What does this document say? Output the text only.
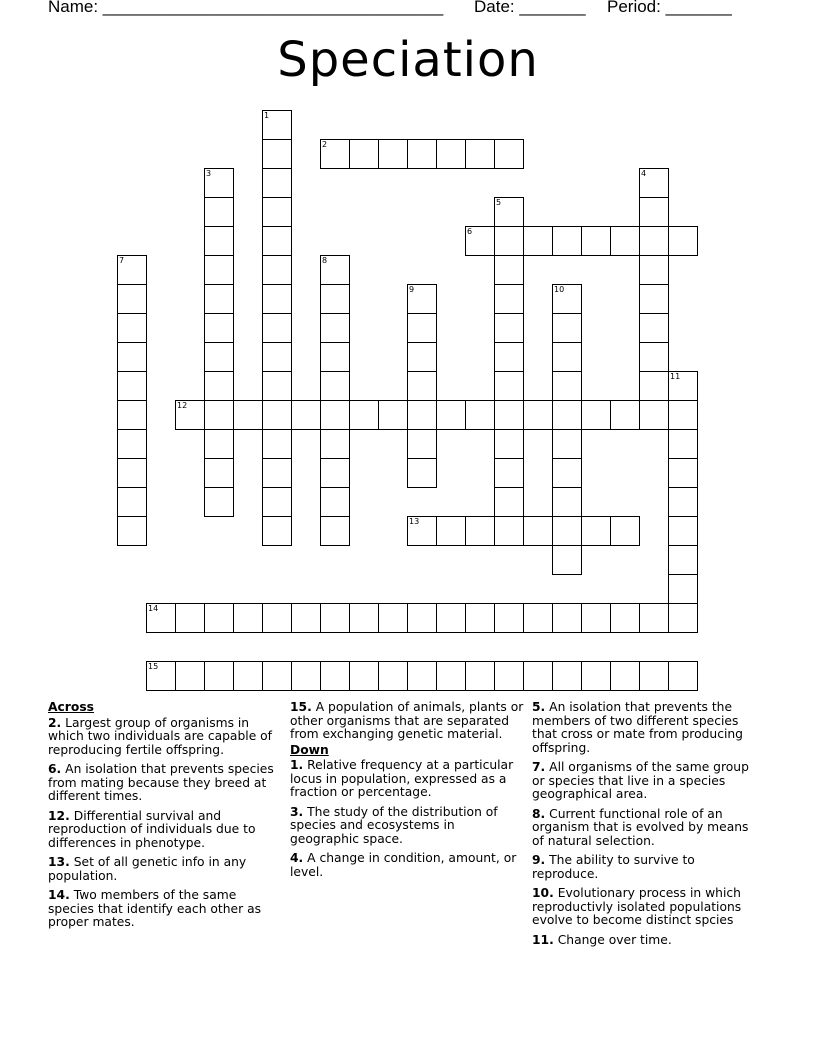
Name: ____________________________________ Date: _______ Period: _______
Speciation
1
2
3	4
5
6
7	8
9	10
11
12
13
14
15
Across
2. Largest group of organisms in which two individuals are capable of reproducing fertile offspring.
6. An isolation that prevents species from mating because they breed at different times.
12. Differential survival and reproduction of individuals due to differences in phenotype.
13. Set of all genetic info in any population.
14. Two members of the same species that identify each other as proper mates.
15. A population of animals, plants or other organisms that are separated from exchanging genetic material.
Down
1. Relative frequency at a particular locus in population, expressed as a fraction or percentage.
3. The study of the distribution of species and ecosystems in geographic space.
4. A change in condition, amount, or level.
5. An isolation that prevents the members of two different species that cross or mate from producing offspring.
7. All organisms of the same group or species that live in a species geographical area.
8. Current functional role of an organism that is evolved by means of natural selection.
9. The ability to survive to reproduce.
10. Evolutionary process in which reproductivly isolated populations evolve to become distinct spcies
11. Change over time.
